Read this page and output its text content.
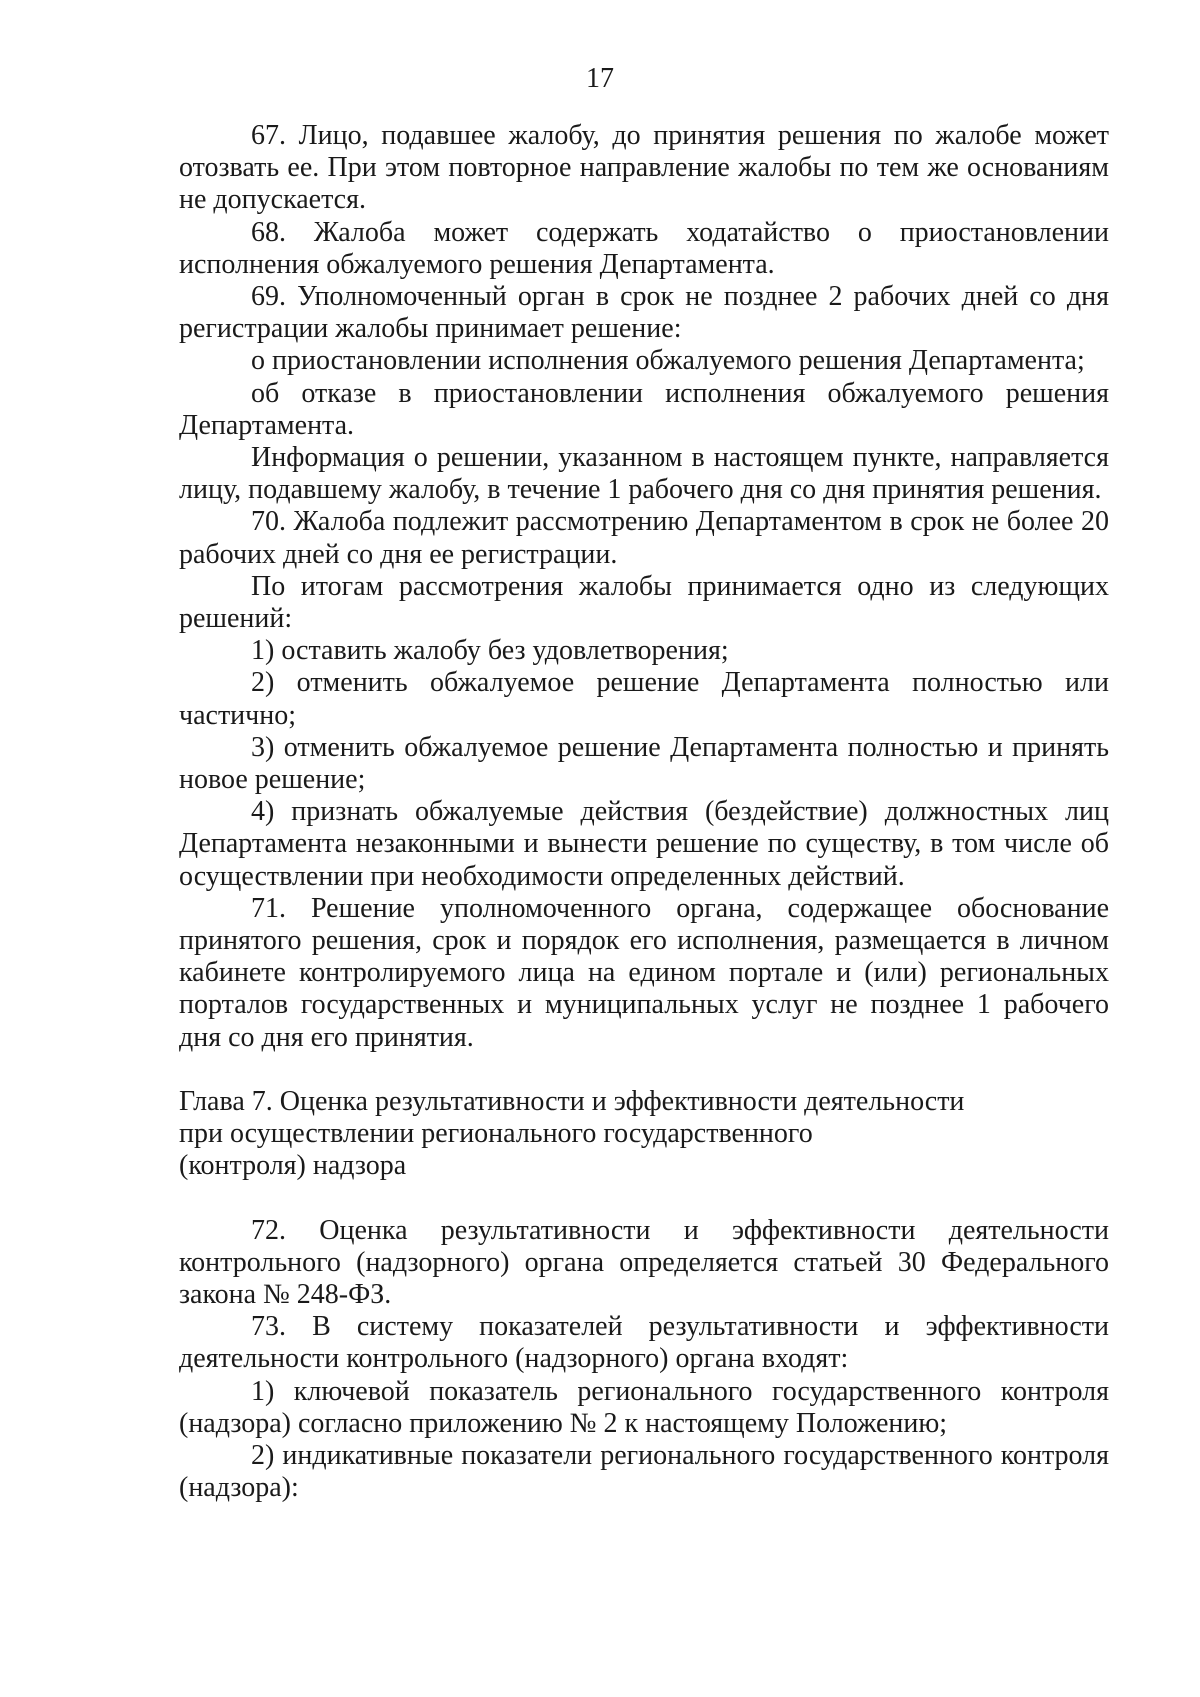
17

67. Лицо, подавшее жалобу, до принятия решения по жалобе может отозвать ее. При этом повторное направление жалобы по тем же основаниям не допускается.

68. Жалоба может содержать ходатайство о приостановлении исполнения обжалуемого решения Департамента.

69. Уполномоченный орган в срок не позднее 2 рабочих дней со дня регистрации жалобы принимает решение:

о приостановлении исполнения обжалуемого решения Департамента;

об отказе в приостановлении исполнения обжалуемого решения Департамента.

Информация о решении, указанном в настоящем пункте, направляется лицу, подавшему жалобу, в течение 1 рабочего дня со дня принятия решения.

70. Жалоба подлежит рассмотрению Департаментом в срок не более 20 рабочих дней со дня ее регистрации.

По итогам рассмотрения жалобы принимается одно из следующих решений:

1) оставить жалобу без удовлетворения;

2) отменить обжалуемое решение Департамента полностью или частично;

3) отменить обжалуемое решение Департамента полностью и принять новое решение;

4) признать обжалуемые действия (бездействие) должностных лиц Департамента незаконными и вынести решение по существу, в том числе об осуществлении при необходимости определенных действий.

71. Решение уполномоченного органа, содержащее обоснование принятого решения, срок и порядок его исполнения, размещается в личном кабинете контролируемого лица на едином портале и (или) региональных порталов государственных и муниципальных услуг не позднее 1 рабочего дня со дня его принятия.

Глава 7. Оценка результативности и эффективности деятельности
при осуществлении регионального государственного
(контроля) надзора

72. Оценка результативности и эффективности деятельности контрольного (надзорного) органа определяется статьей 30 Федерального закона № 248-ФЗ.

73. В систему показателей результативности и эффективности деятельности контрольного (надзорного) органа входят:

1) ключевой показатель регионального государственного контроля (надзора) согласно приложению № 2 к настоящему Положению;

2) индикативные показатели регионального государственного контроля (надзора):
